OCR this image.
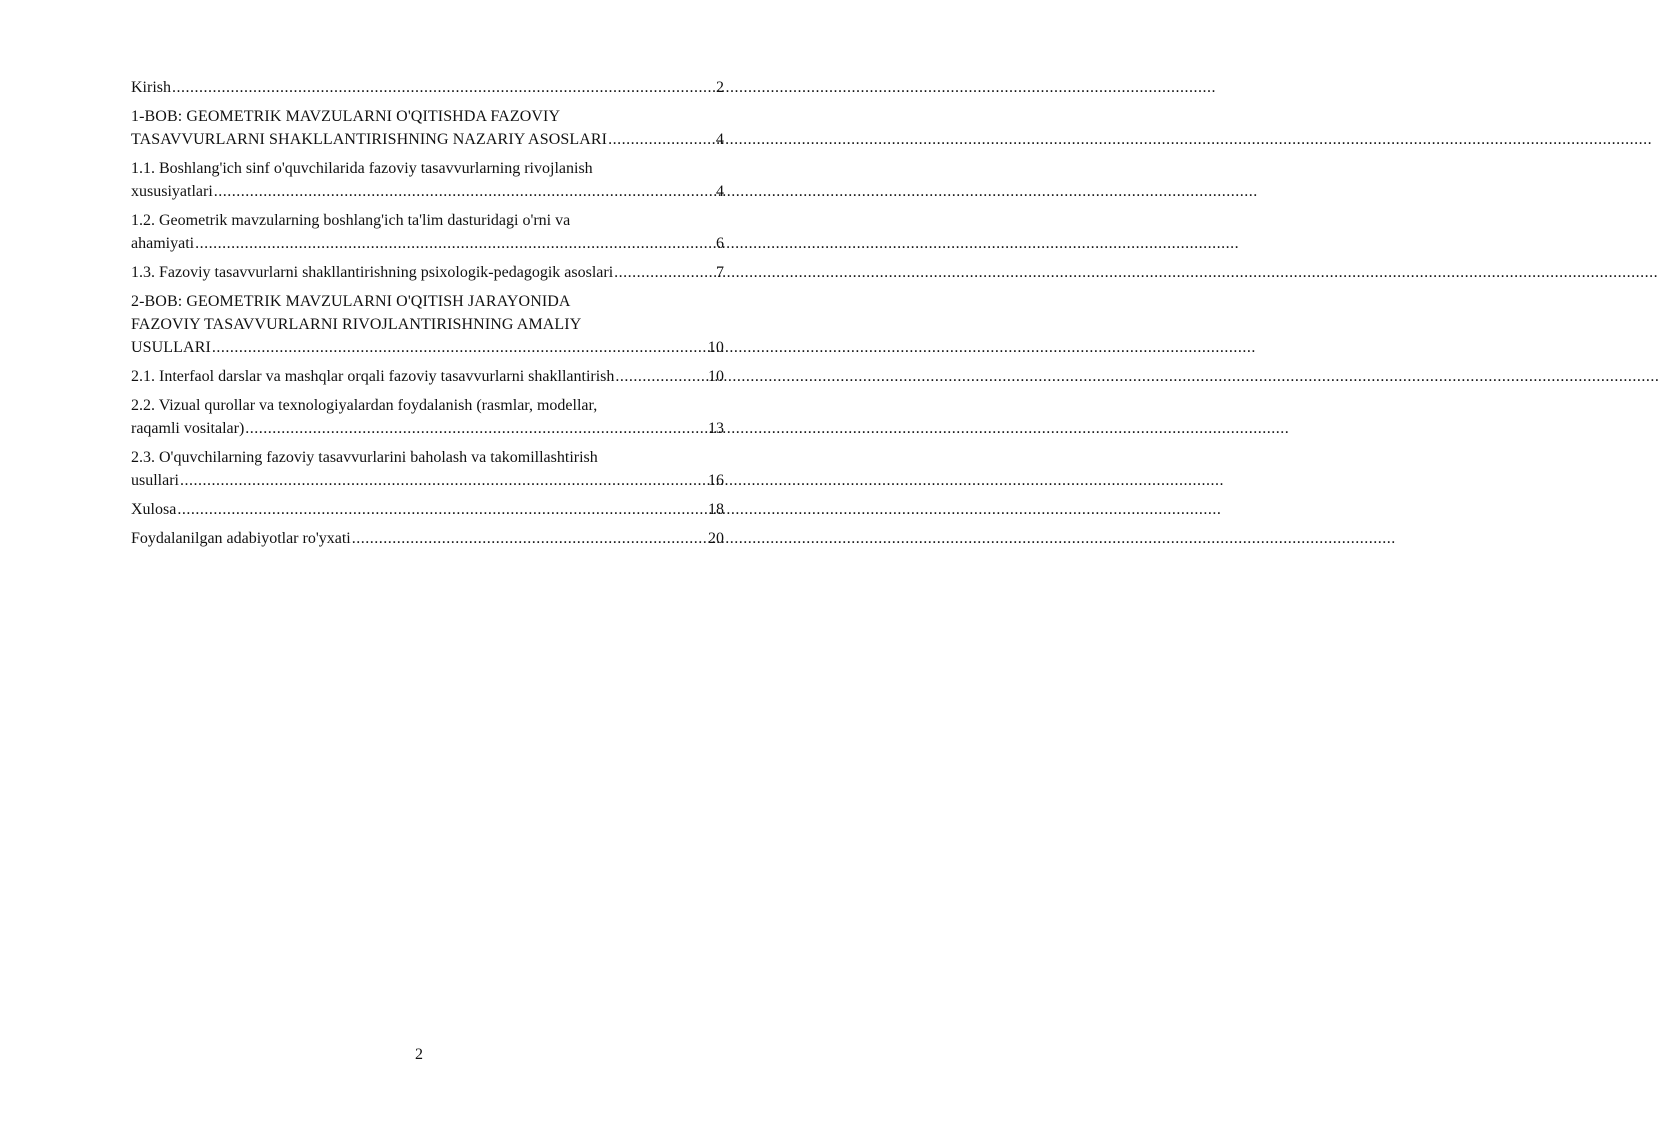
Kirish .....	2
1-BOB: GEOMETRIK MAVZULARNI O'QITISHDA FAZOVIY
TASAVVURLARNI SHAKLLANTIRISHNING NAZARIY ASOSLARI .....	4
1.1. Boshlang'ich sinf o'quvchilarida fazoviy tasavvurlarning rivojlanish
xususiyatlari .....	4
1.2. Geometrik mavzularning boshlang'ich ta'lim dasturidagi o'rni va
ahamiyati .....	6
1.3. Fazoviy tasavvurlarni shakllantirishning psixologik-pedagogik asoslari .....	7
2-BOB: GEOMETRIK MAVZULARNI O'QITISH JARAYONIDA
FAZOVIY TASAVVURLARNI RIVOJLANTIRISHNING AMALIY
USULLARI .....	10
2.1. Interfaol darslar va mashqlar orqali fazoviy tasavvurlarni shakllantirish .....	10
2.2. Vizual qurollar va texnologiyalardan foydalanish (rasmlar, modellar,
raqamli vositalar) .....	13
2.3. O'quvchilarning fazoviy tasavvurlarini baholash va takomillashtirish
usullari .....	16
Xulosa .....	18
Foydalanilgan adabiyotlar ro'yxati .....	20
2
